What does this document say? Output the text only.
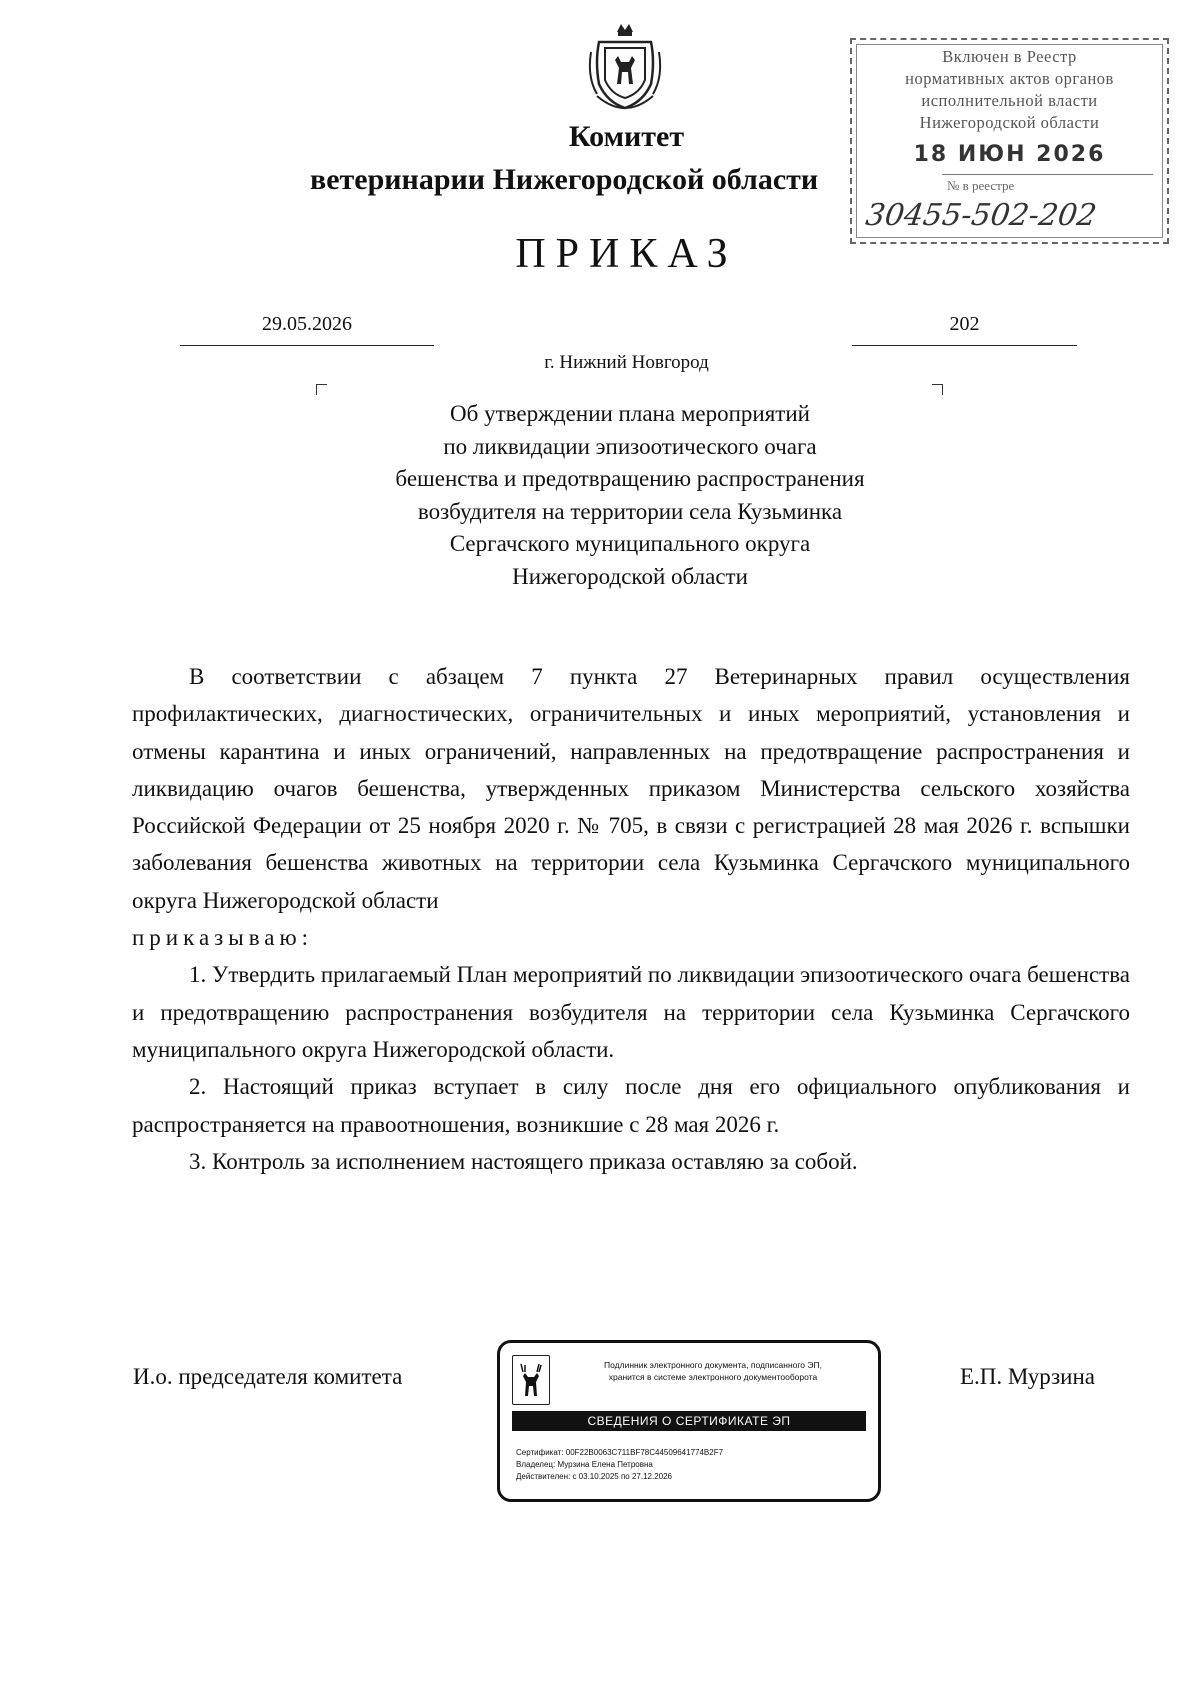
Комитет
ветеринарии Нижегородской области
ПРИКАЗ
Включен в Реестр
нормативных актов органов
исполнительной власти
Нижегородской области
18 ИЮН 2026
№ в реестре
30455-502-202
29.05.2026	202
г. Нижний Новгород
Об утверждении плана мероприятий
по ликвидации эпизоотического очага
бешенства и предотвращению распространения
возбудителя на территории села Кузьминка
Сергачского муниципального округа
Нижегородской области

В соответствии с абзацем 7 пункта 27 Ветеринарных правил осуществления профилактических, диагностических, ограничительных и иных мероприятий, установления и отмены карантина и иных ограничений, направленных на предотвращение распространения и ликвидацию очагов бешенства, утвержденных приказом Министерства сельского хозяйства Российской Федерации от 25 ноября 2020 г. № 705, в связи с регистрацией 28 мая 2026 г. вспышки заболевания бешенства животных на территории села Кузьминка Сергачского муниципального округа Нижегородской области

приказываю:

1. Утвердить прилагаемый План мероприятий по ликвидации эпизоотического очага бешенства и предотвращению распространения возбудителя на территории села Кузьминка Сергачского муниципального округа Нижегородской области.

2. Настоящий приказ вступает в силу после дня его официального опубликования и распространяется на правоотношения, возникшие с 28 мая 2026 г.

3. Контроль за исполнением настоящего приказа оставляю за собой.

И.о. председателя комитета	Е.П. Мурзина
Подлинник электронного документа, подписанного ЭП,
хранится в системе электронного документооборота
СВЕДЕНИЯ О СЕРТИФИКАТЕ ЭП
Сертификат: 00F22B0063C711BF78C44509641774B2F7
Владелец: Мурзина Елена Петровна
Действителен: с 03.10.2025 по 27.12.2026
